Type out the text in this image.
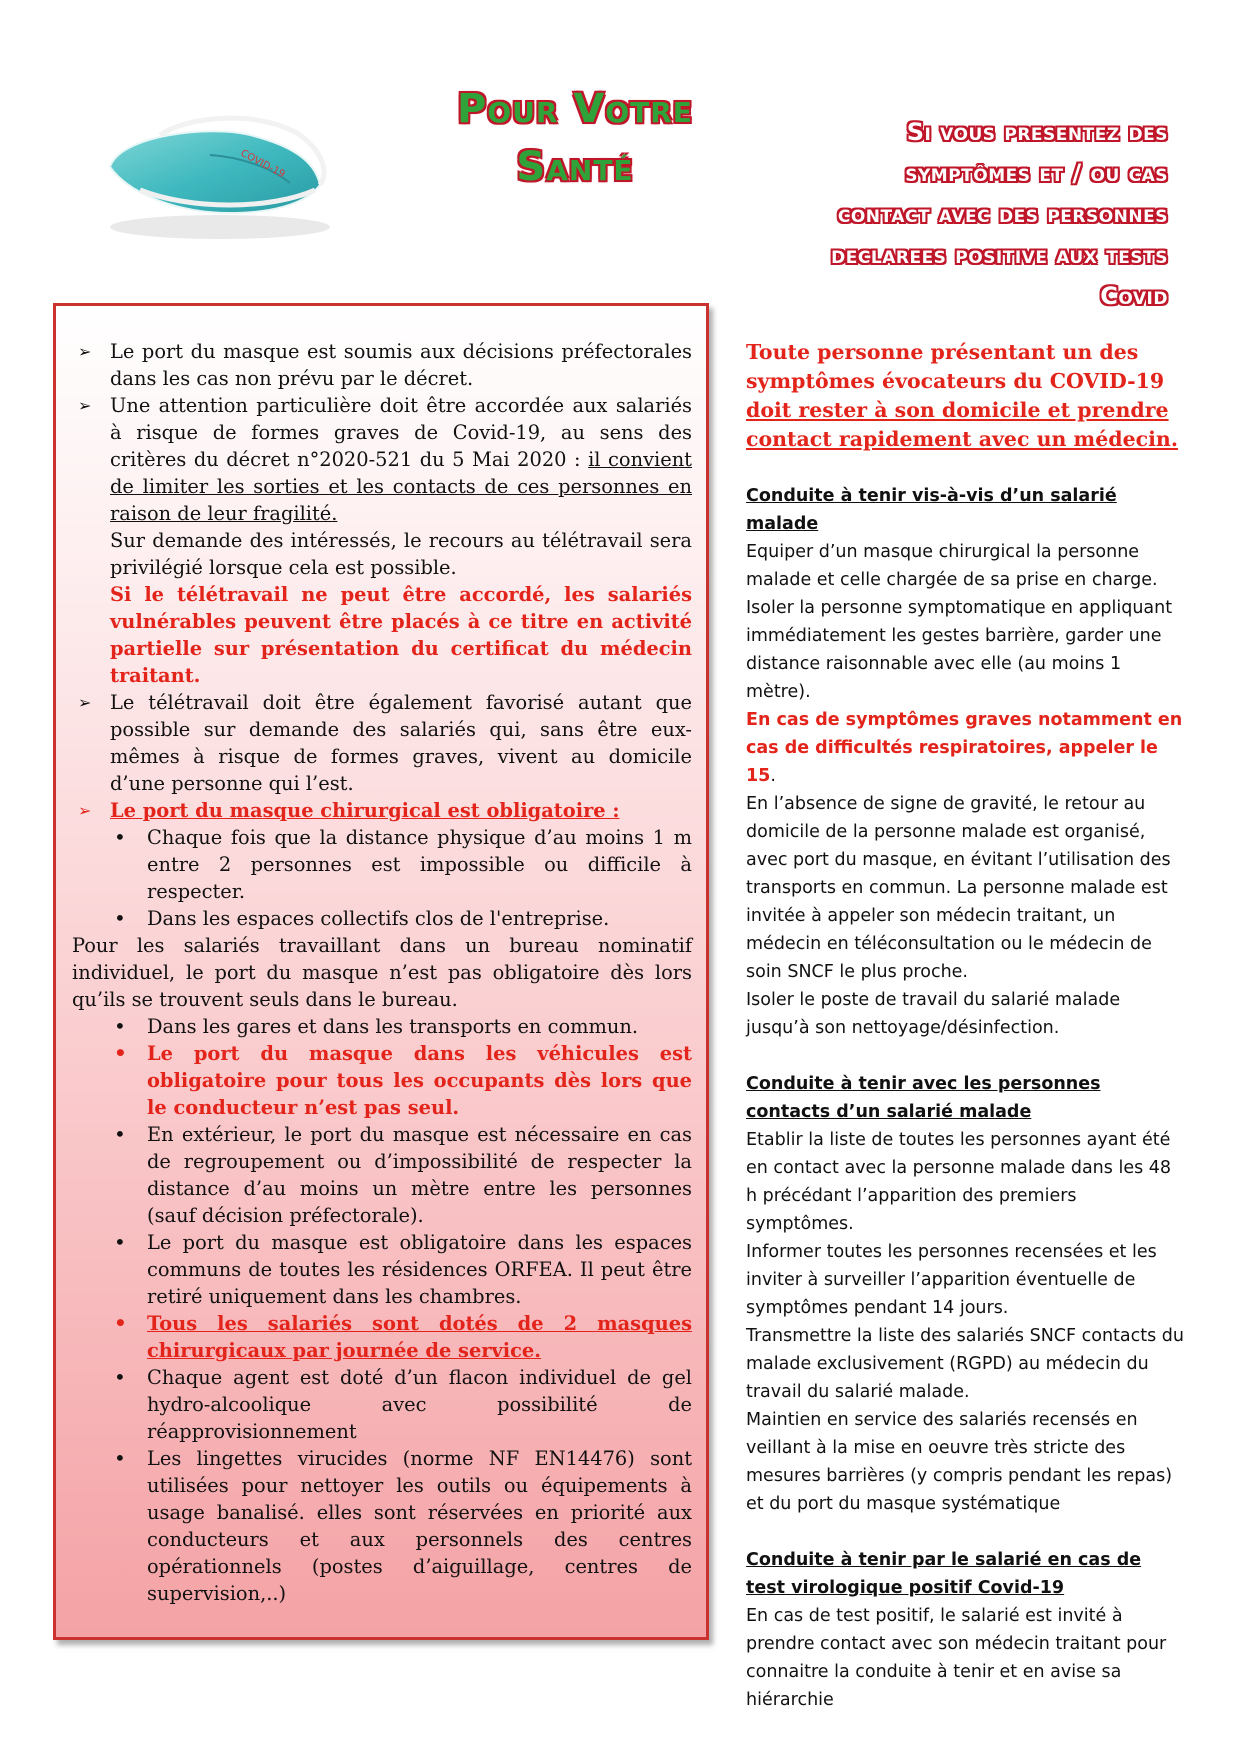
COVID-19
Pour Votre
Santé
Si vous presentez des
symptômes et / ou cas
contact avec des personnes
declarees positive aux tests
Covid

➢ Le port du masque est soumis aux décisions préfectorales dans les cas non prévu par le décret.

➢ Une attention particulière doit être accordée aux salariés à risque de formes graves de Covid-19, au sens des critères du décret n°2020-521 du 5 Mai 2020 : il convient de limiter les sorties et les contacts de ces personnes en raison de leur fragilité.

Sur demande des intéressés, le recours au télétravail sera privilégié lorsque cela est possible.

Si le télétravail ne peut être accordé, les salariés vulnérables peuvent être placés à ce titre en activité partielle sur présentation du certificat du médecin traitant.

➢ Le télétravail doit être également favorisé autant que possible sur demande des salariés qui, sans être eux-mêmes à risque de formes graves, vivent au domicile d’une personne qui l’est.

➢ Le port du masque chirurgical est obligatoire :

• Chaque fois que la distance physique d’au moins 1 m entre 2 personnes est impossible ou difficile à respecter.

• Dans les espaces collectifs clos de l'entreprise.

Pour les salariés travaillant dans un bureau nominatif individuel, le port du masque n’est pas obligatoire dès lors qu’ils se trouvent seuls dans le bureau.

• Dans les gares et dans les transports en commun.

• Le port du masque dans les véhicules est obligatoire pour tous les occupants dès lors que le conducteur n’est pas seul.

• En extérieur, le port du masque est nécessaire en cas de regroupement ou d’impossibilité de respecter la distance d’au moins un mètre entre les personnes (sauf décision préfectorale).

• Le port du masque est obligatoire dans les espaces communs de toutes les résidences ORFEA. Il peut être retiré uniquement dans les chambres.

• Tous les salariés sont dotés de 2 masques chirurgicaux par journée de service.

• Chaque agent est doté d’un flacon individuel de gel hydro-alcoolique avec possibilité de réapprovisionnement

• Les lingettes virucides (norme NF EN14476) sont utilisées pour nettoyer les outils ou équipements à usage banalisé. elles sont réservées en priorité aux conducteurs et aux personnels des centres opérationnels (postes d’aiguillage, centres de supervision,..)

Toute personne présentant un des symptômes évocateurs du COVID-19 doit rester à son domicile et prendre contact rapidement avec un médecin.

Conduite à tenir vis-à-vis d’un salarié malade

Equiper d’un masque chirurgical la personne malade et celle chargée de sa prise en charge.

Isoler la personne symptomatique en appliquant immédiatement les gestes barrière, garder une distance raisonnable avec elle (au moins 1 mètre).

En cas de symptômes graves notamment en cas de difficultés respiratoires, appeler le 15.

En l’absence de signe de gravité, le retour au domicile de la personne malade est organisé, avec port du masque, en évitant l’utilisation des transports en commun. La personne malade est invitée à appeler son médecin traitant, un médecin en téléconsultation ou le médecin de soin SNCF le plus proche.

Isoler le poste de travail du salarié malade jusqu’à son nettoyage/désinfection.

Conduite à tenir avec les personnes contacts d’un salarié malade

Etablir la liste de toutes les personnes ayant été en contact avec la personne malade dans les 48 h précédant l’apparition des premiers symptômes.

Informer toutes les personnes recensées et les inviter à surveiller l’apparition éventuelle de symptômes pendant 14 jours.

Transmettre la liste des salariés SNCF contacts du malade exclusivement (RGPD) au médecin du travail du salarié malade.

Maintien en service des salariés recensés en veillant à la mise en oeuvre très stricte des mesures barrières (y compris pendant les repas) et du port du masque systématique

Conduite à tenir par le salarié en cas de test virologique positif Covid-19

En cas de test positif, le salarié est invité à prendre contact avec son médecin traitant pour connaitre la conduite à tenir et en avise sa hiérarchie
